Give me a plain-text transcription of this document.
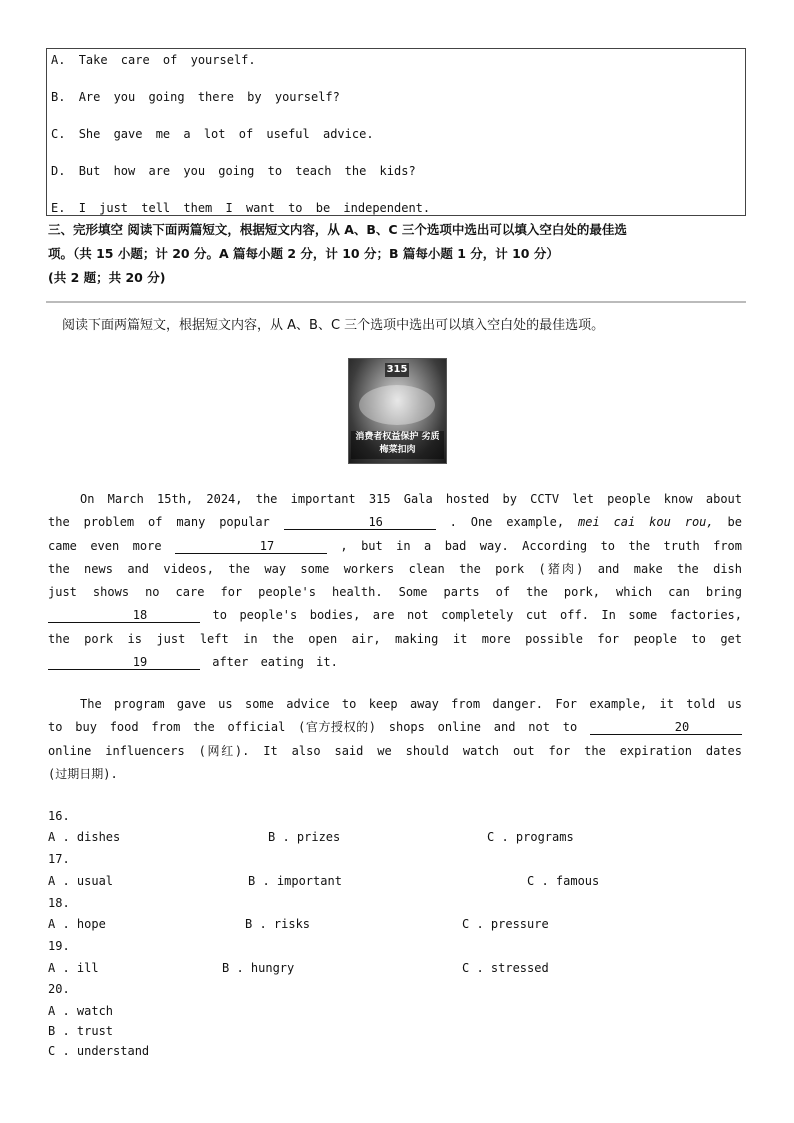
A. Take care of yourself.
B. Are you going there by yourself?
C. She gave me a lot of useful advice.
D. But how are you going to teach the kids?
E. I just tell them I want to be independent.
三、完形填空 阅读下面两篇短文，根据短文内容，从 A、B、C 三个选项中选出可以填入空白处的最佳选
项。（共 15 小题；计 20 分。A 篇每小题 2 分，计 10 分；B 篇每小题 1 分，计 10 分）
(共 2 题；共 20 分)
阅读下面两篇短文，根据短文内容，从 A、B、C 三个选项中选出可以填入空白处的最佳选项。
315
消费者权益保护 劣质梅菜扣肉
On March 15th, 2024, the important 315 Gala hosted by CCTV let people know about the problem of many popular	16	. One example, mei cai kou rou, be came even more	17	, but in a bad way. According to the truth from the news and videos, the way some workers clean the pork (猪肉) and make the dish just shows no care for people's health. Some parts of the pork, which can bring 18	to people's bodies, are not completely cut off. In some factories, the pork is just left in the open air, making it more possible for people to get 19	after eating it.
The program gave us some advice to keep away from danger. For example, it told us to buy food from the official (官方授权的) shops online and not to	20 online influencers (网红). It also said we should watch out for the expiration dates (过期日期).
16.
A . dishes	B . prizes	C . programs
17.
A . usual	B . important	C . famous
18.
A . hope	B . risks	C . pressure
19.
A . ill	B . hungry	C . stressed
20.
A . watch
B . trust
C . understand
